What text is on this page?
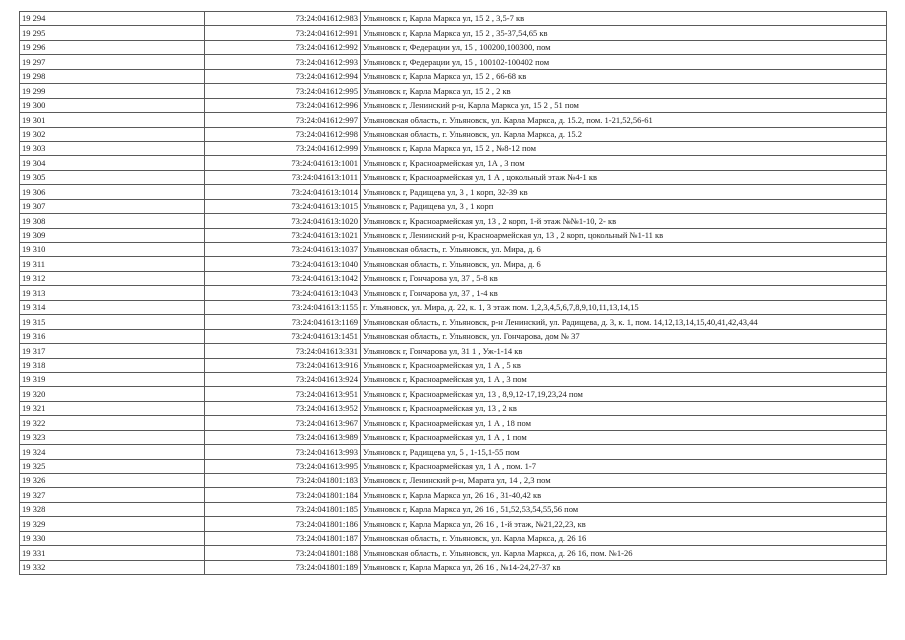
19 294	73:24:041612:983	Ульяновск г, Карла Маркса ул, 15 2 , 3,5-7 кв
19 295	73:24:041612:991	Ульяновск г, Карла Маркса ул, 15 2 , 35-37,54,65 кв
19 296	73:24:041612:992	Ульяновск г, Федерации ул, 15 , 100200,100300, пом
19 297	73:24:041612:993	Ульяновск г, Федерации ул, 15 , 100102-100402 пом
19 298	73:24:041612:994	Ульяновск г, Карла Маркса ул, 15 2 , 66-68 кв
19 299	73:24:041612:995	Ульяновск г, Карла Маркса ул, 15 2 , 2 кв
19 300	73:24:041612:996	Ульяновск г, Ленинский р-н, Карла Маркса ул, 15 2 , 51 пом
19 301	73:24:041612:997	Ульяновская область, г. Ульяновск, ул. Карла Маркса, д. 15.2, пом. 1-21,52,56-61
19 302	73:24:041612:998	Ульяновская область, г. Ульяновск, ул. Карла Маркса, д. 15.2
19 303	73:24:041612:999	Ульяновск г, Карла Маркса ул, 15 2 , №8-12 пом
19 304	73:24:041613:1001	Ульяновск г, Красноармейская ул, 1А , 3 пом
19 305	73:24:041613:1011	Ульяновск г, Красноармейская ул, 1 А , цокольный этаж №4-1 кв
19 306	73:24:041613:1014	Ульяновск г, Радищева ул, 3 , 1 корп, 32-39 кв
19 307	73:24:041613:1015	Ульяновск г, Радищева ул, 3 , 1 корп
19 308	73:24:041613:1020	Ульяновск г, Красноармейская ул, 13 , 2 корп, 1-й этаж №№1-10, 2- кв
19 309	73:24:041613:1021	Ульяновск г, Ленинский р-н, Красноармейская ул, 13 , 2 корп, цокольный №1-11 кв
19 310	73:24:041613:1037	Ульяновская область, г. Ульяновск, ул. Мира, д. 6
19 311	73:24:041613:1040	Ульяновская область, г. Ульяновск, ул. Мира, д. 6
19 312	73:24:041613:1042	Ульяновск г, Гончарова ул, 37 , 5-8 кв
19 313	73:24:041613:1043	Ульяновск г, Гончарова ул, 37 , 1-4 кв
19 314	73:24:041613:1155	г. Ульяновск, ул. Мира, д. 22, к. 1, 3 этаж пом. 1,2,3,4,5,6,7,8,9,10,11,13,14,15
19 315	73:24:041613:1169	Ульяновская область, г. Ульяновск, р-н Ленинский, ул. Радищева, д. 3, к. 1, пом. 14,12,13,14,15,40,41,42,43,44
19 316	73:24:041613:1451	Ульяновская область, г. Ульяновск, ул. Гончарова, дом № 37
19 317	73:24:041613:331	Ульяновск г, Гончарова ул, 31 1 , Уж-1-14 кв
19 318	73:24:041613:916	Ульяновск г, Красноармейская ул, 1 А , 5 кв
19 319	73:24:041613:924	Ульяновск г, Красноармейская ул, 1 А , 3 пом
19 320	73:24:041613:951	Ульяновск г, Красноармейская ул, 13 , 8,9,12-17,19,23,24 пом
19 321	73:24:041613:952	Ульяновск г, Красноармейская ул, 13 , 2 кв
19 322	73:24:041613:967	Ульяновск г, Красноармейская ул, 1 А , 18 пом
19 323	73:24:041613:989	Ульяновск г, Красноармейская ул, 1 А , 1 пом
19 324	73:24:041613:993	Ульяновск г, Радищева ул, 5 , 1-15,1-55 пом
19 325	73:24:041613:995	Ульяновск г, Красноармейская ул, 1 А , пом. 1-7
19 326	73:24:041801:183	Ульяновск г, Ленинский р-н, Марата ул, 14 , 2,3 пом
19 327	73:24:041801:184	Ульяновск г, Карла Маркса ул, 26 16 , 31-40,42 кв
19 328	73:24:041801:185	Ульяновск г, Карла Маркса ул, 26 16 , 51,52,53,54,55,56 пом
19 329	73:24:041801:186	Ульяновск г, Карла Маркса ул, 26 16 , 1-й этаж, №21,22,23, кв
19 330	73:24:041801:187	Ульяновская область, г. Ульяновск, ул. Карла Маркса, д. 26 16
19 331	73:24:041801:188	Ульяновская область, г. Ульяновск, ул. Карла Маркса, д. 26 16, пом. №1-26
19 332	73:24:041801:189	Ульяновск г, Карла Маркса ул, 26 16 , №14-24,27-37 кв
